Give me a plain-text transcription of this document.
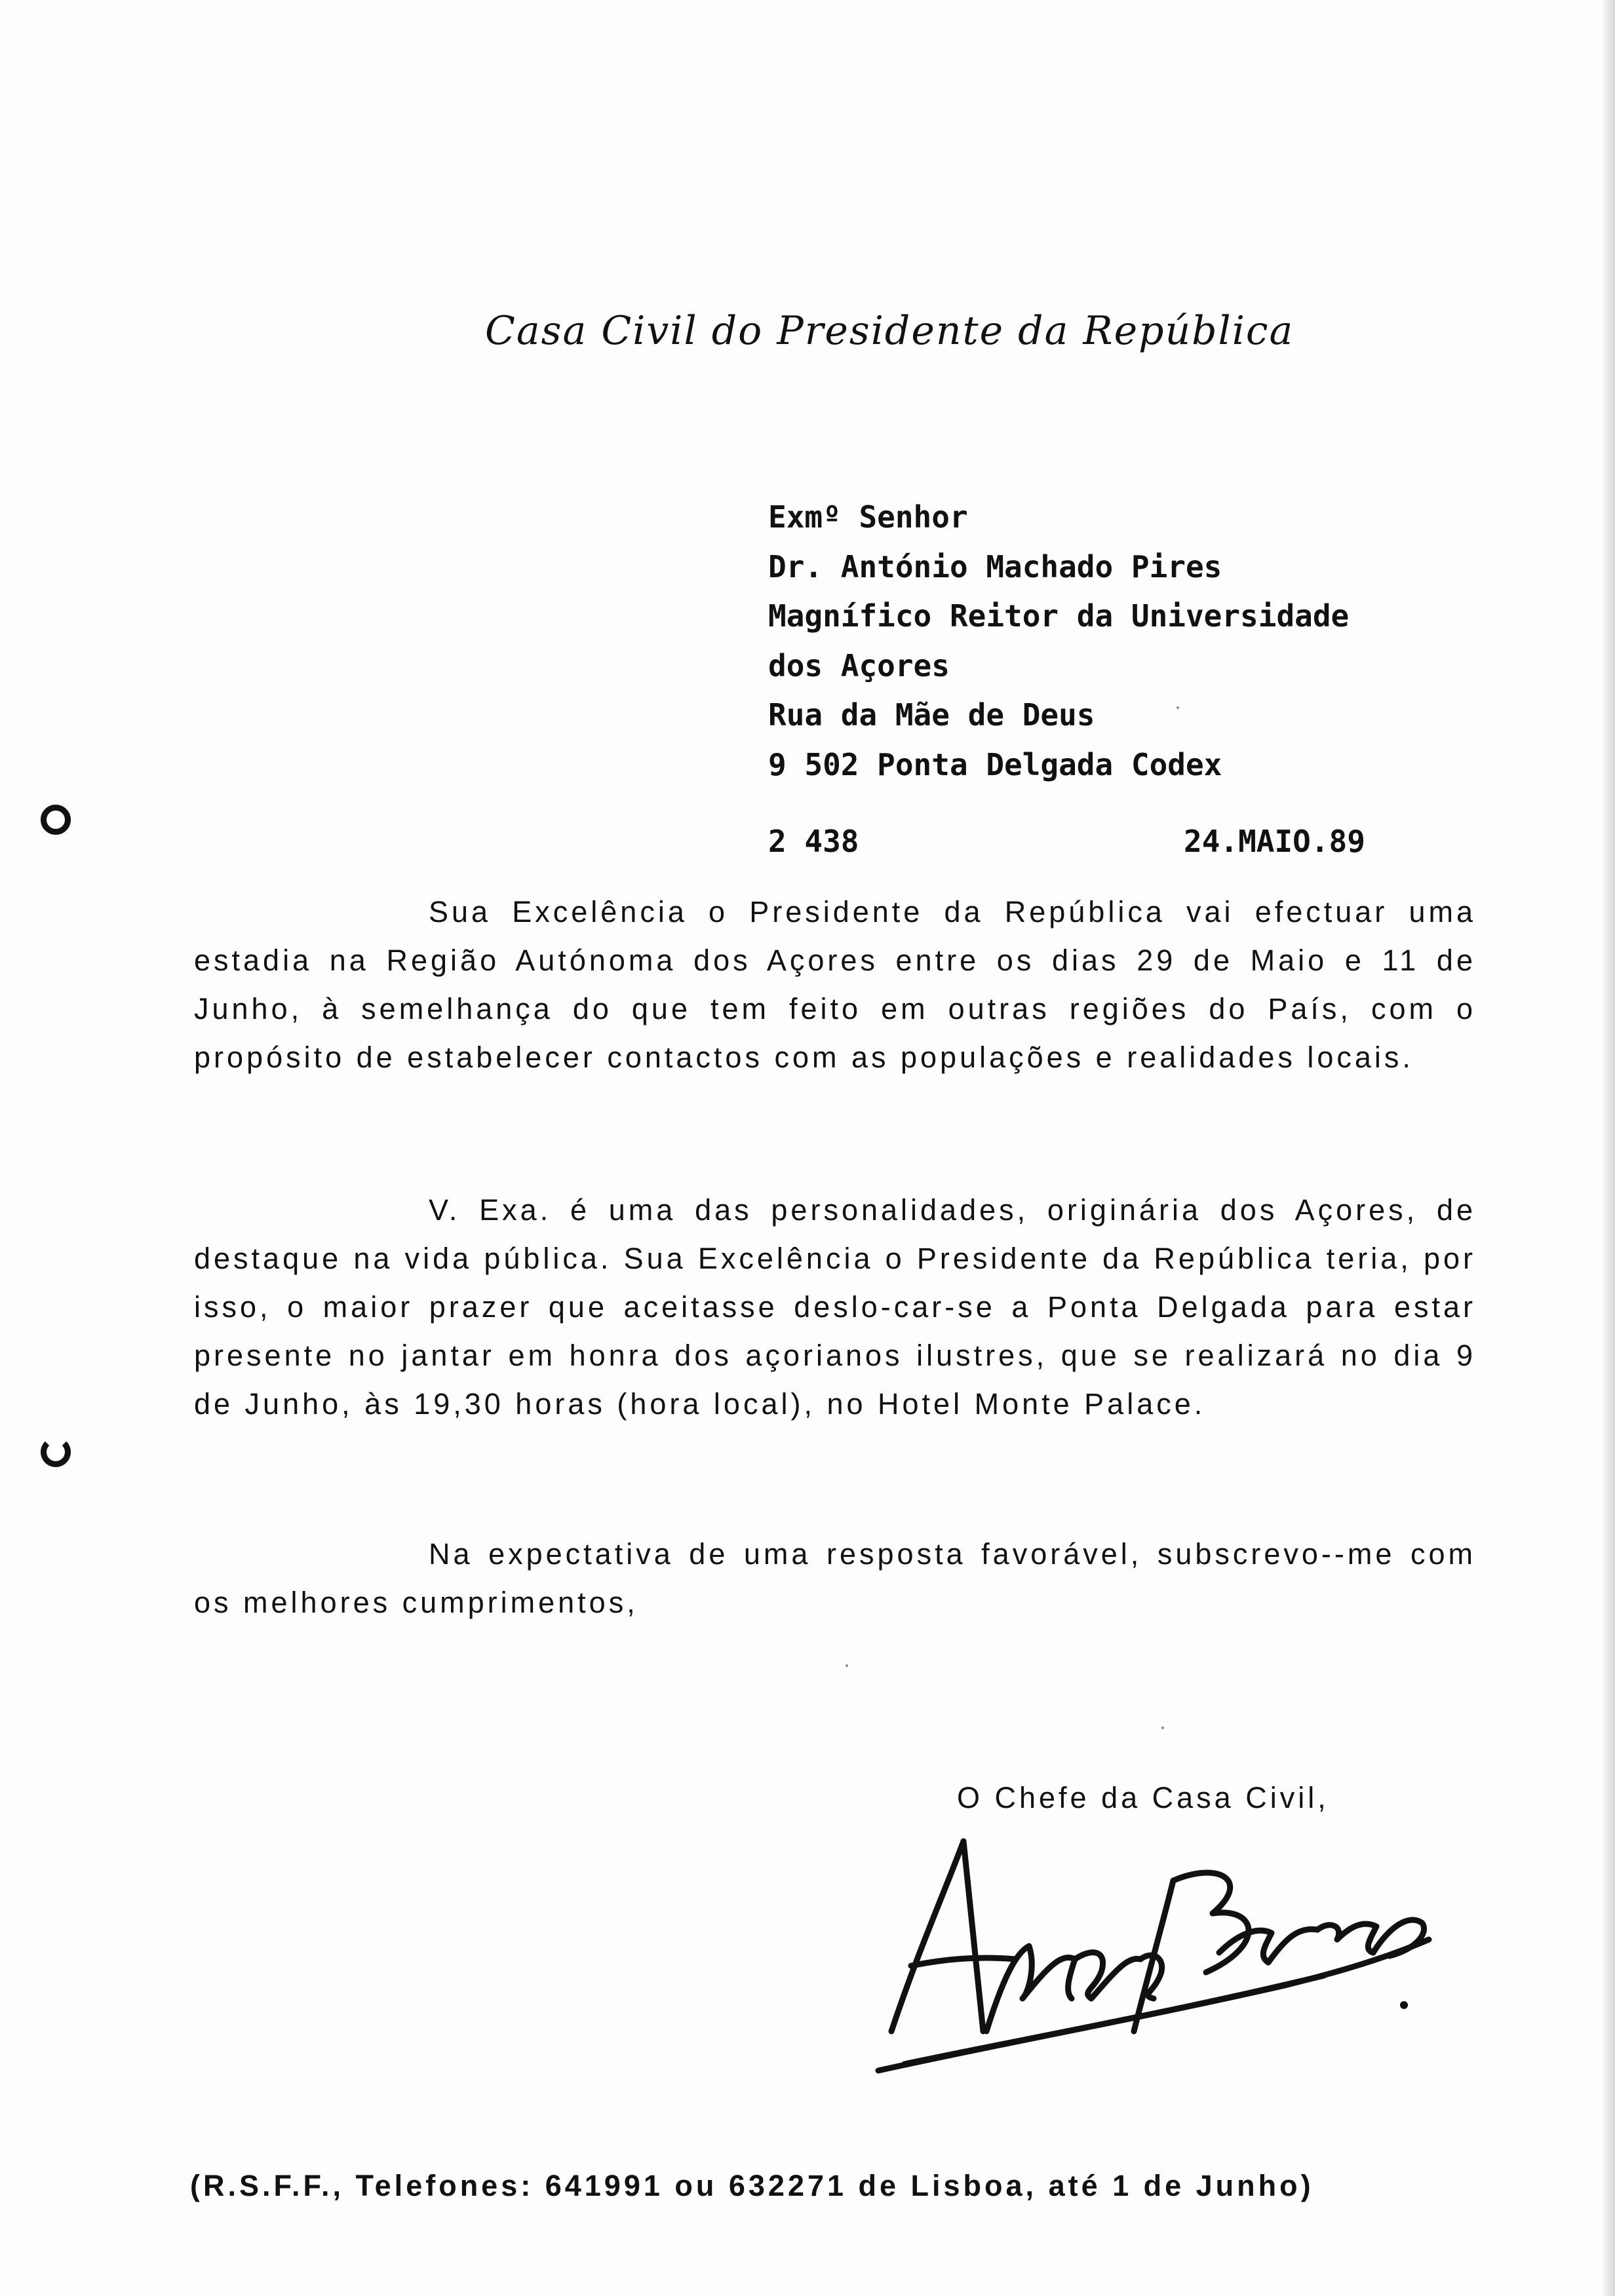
Casa Civil do Presidente da República
Exmº Senhor
Dr. António Machado Pires
Magnífico Reitor da Universidade
dos Açores
Rua da Mãe de Deus
9 502 Ponta Delgada Codex
2 438	24.MAIO.89

Sua Excelência o Presidente da República vai efectuar uma estadia na Região Autónoma dos Açores entre os dias 29 de Maio e 11 de Junho, à semelhança do que tem feito em outras regiões do País, com o propósito de estabelecer contactos com as populações e realidades locais.

V. Exa. é uma das personalidades, originária dos Açores, de destaque na vida pública. Sua Excelência o Presidente da República teria, por isso, o maior prazer que aceitasse deslo-car-se a Ponta Delgada para estar presente no jantar em honra dos açorianos ilustres, que se realizará no dia 9 de Junho, às 19,30 horas (hora local), no Hotel Monte Palace.

Na expectativa de uma resposta favorável, subscrevo--me com os melhores cumprimentos,

O Chefe da Casa Civil,
(R.S.F.F., Telefones: 641991 ou 632271 de Lisboa, até 1 de Junho)
